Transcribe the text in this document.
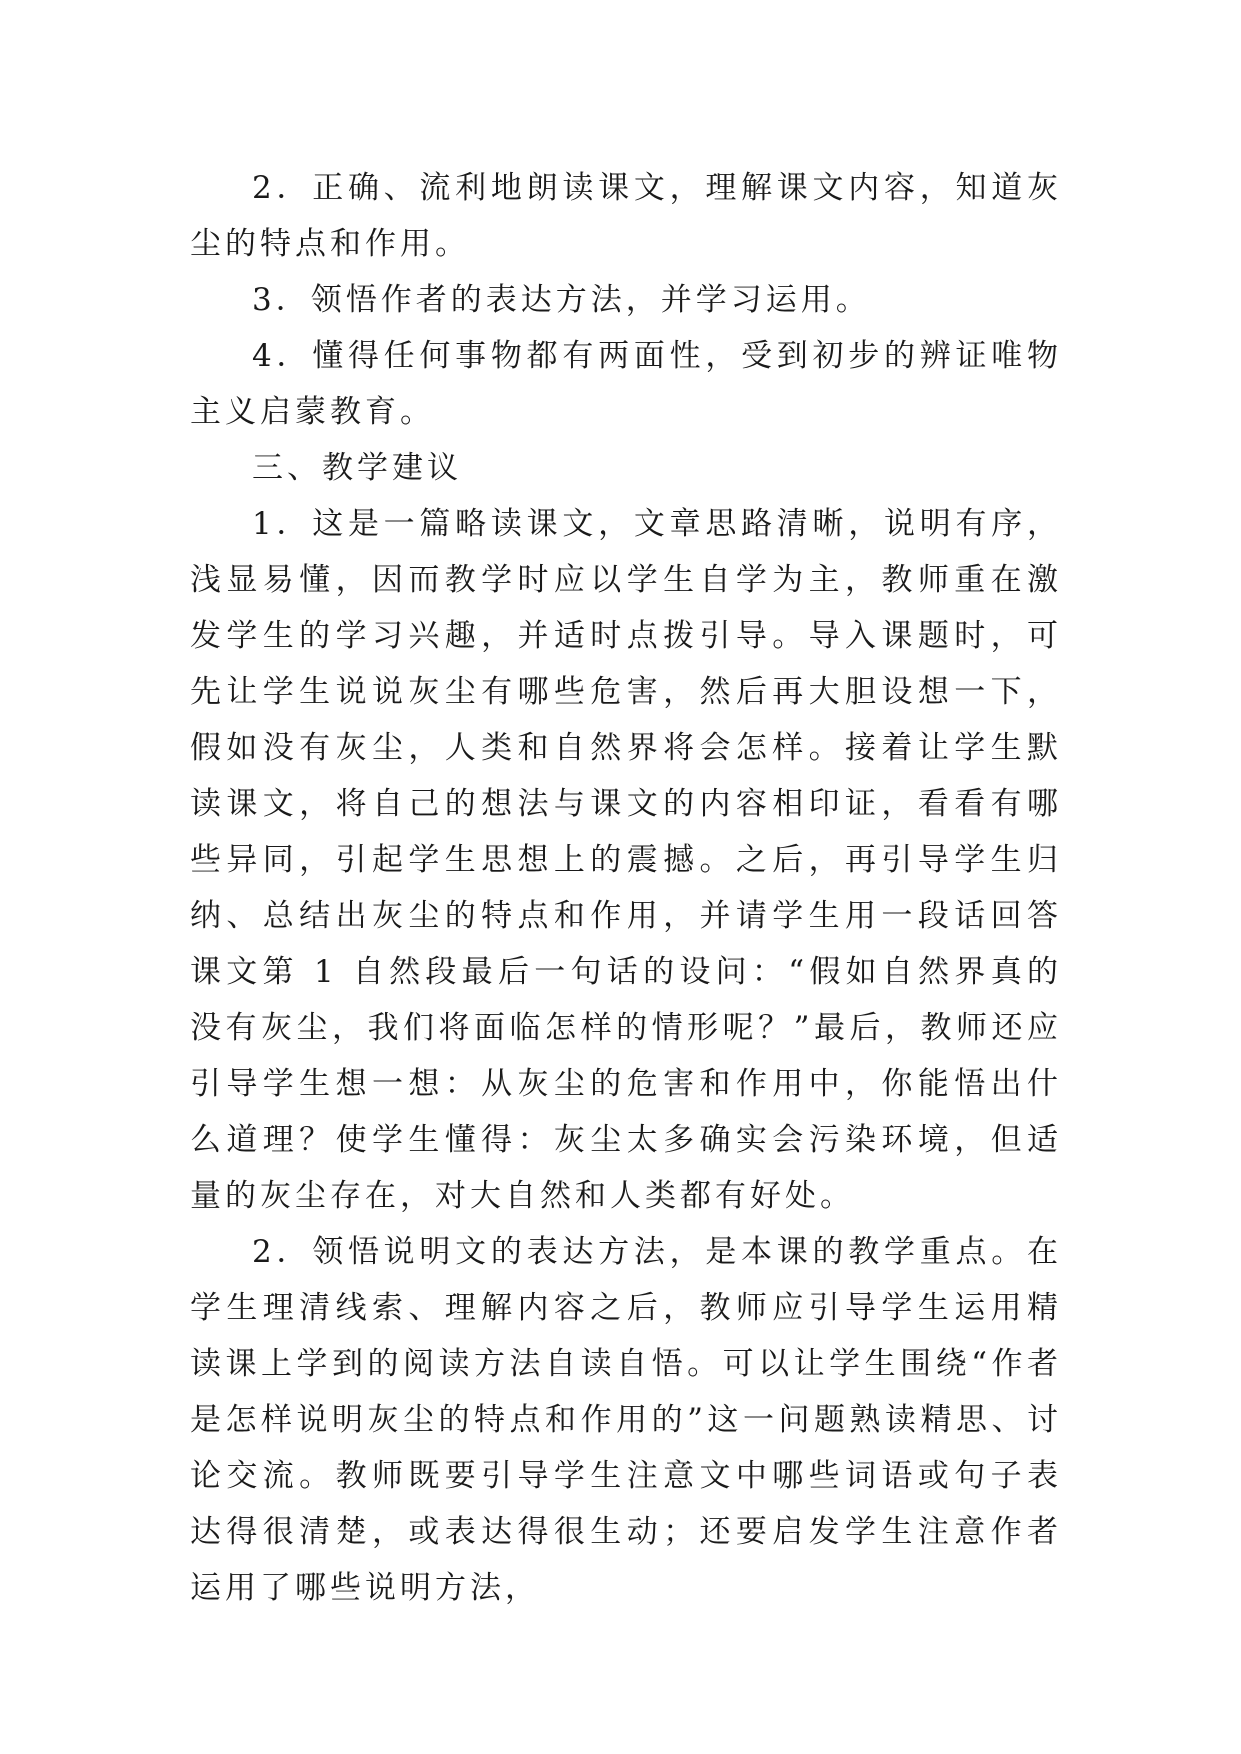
2．正确、流利地朗读课文，理解课文内容，知道灰尘的特点和作用。

3．领悟作者的表达方法，并学习运用。

4．懂得任何事物都有两面性，受到初步的辨证唯物主义启蒙教育。

三、教学建议

1．这是一篇略读课文，文章思路清晰，说明有序，浅显易懂，因而教学时应以学生自学为主，教师重在激发学生的学习兴趣，并适时点拨引导。导入课题时，可先让学生说说灰尘有哪些危害，然后再大胆设想一下，假如没有灰尘，人类和自然界将会怎样。接着让学生默读课文，将自己的想法与课文的内容相印证，看看有哪些异同，引起学生思想上的震撼。之后，再引导学生归纳、总结出灰尘的特点和作用，并请学生用一段话回答课文第 1 自然段最后一句话的设问：“假如自然界真的没有灰尘，我们将面临怎样的情形呢？”最后，教师还应引导学生想一想：从灰尘的危害和作用中，你能悟出什么道理？使学生懂得：灰尘太多确实会污染环境，但适量的灰尘存在，对大自然和人类都有好处。

2．领悟说明文的表达方法，是本课的教学重点。在学生理清线索、理解内容之后，教师应引导学生运用精读课上学到的阅读方法自读自悟。可以让学生围绕“作者是怎样说明灰尘的特点和作用的”这一问题熟读精思、讨论交流。教师既要引导学生注意文中哪些词语或句子表达得很清楚，或表达得很生动；还要启发学生注意作者运用了哪些说明方法，
